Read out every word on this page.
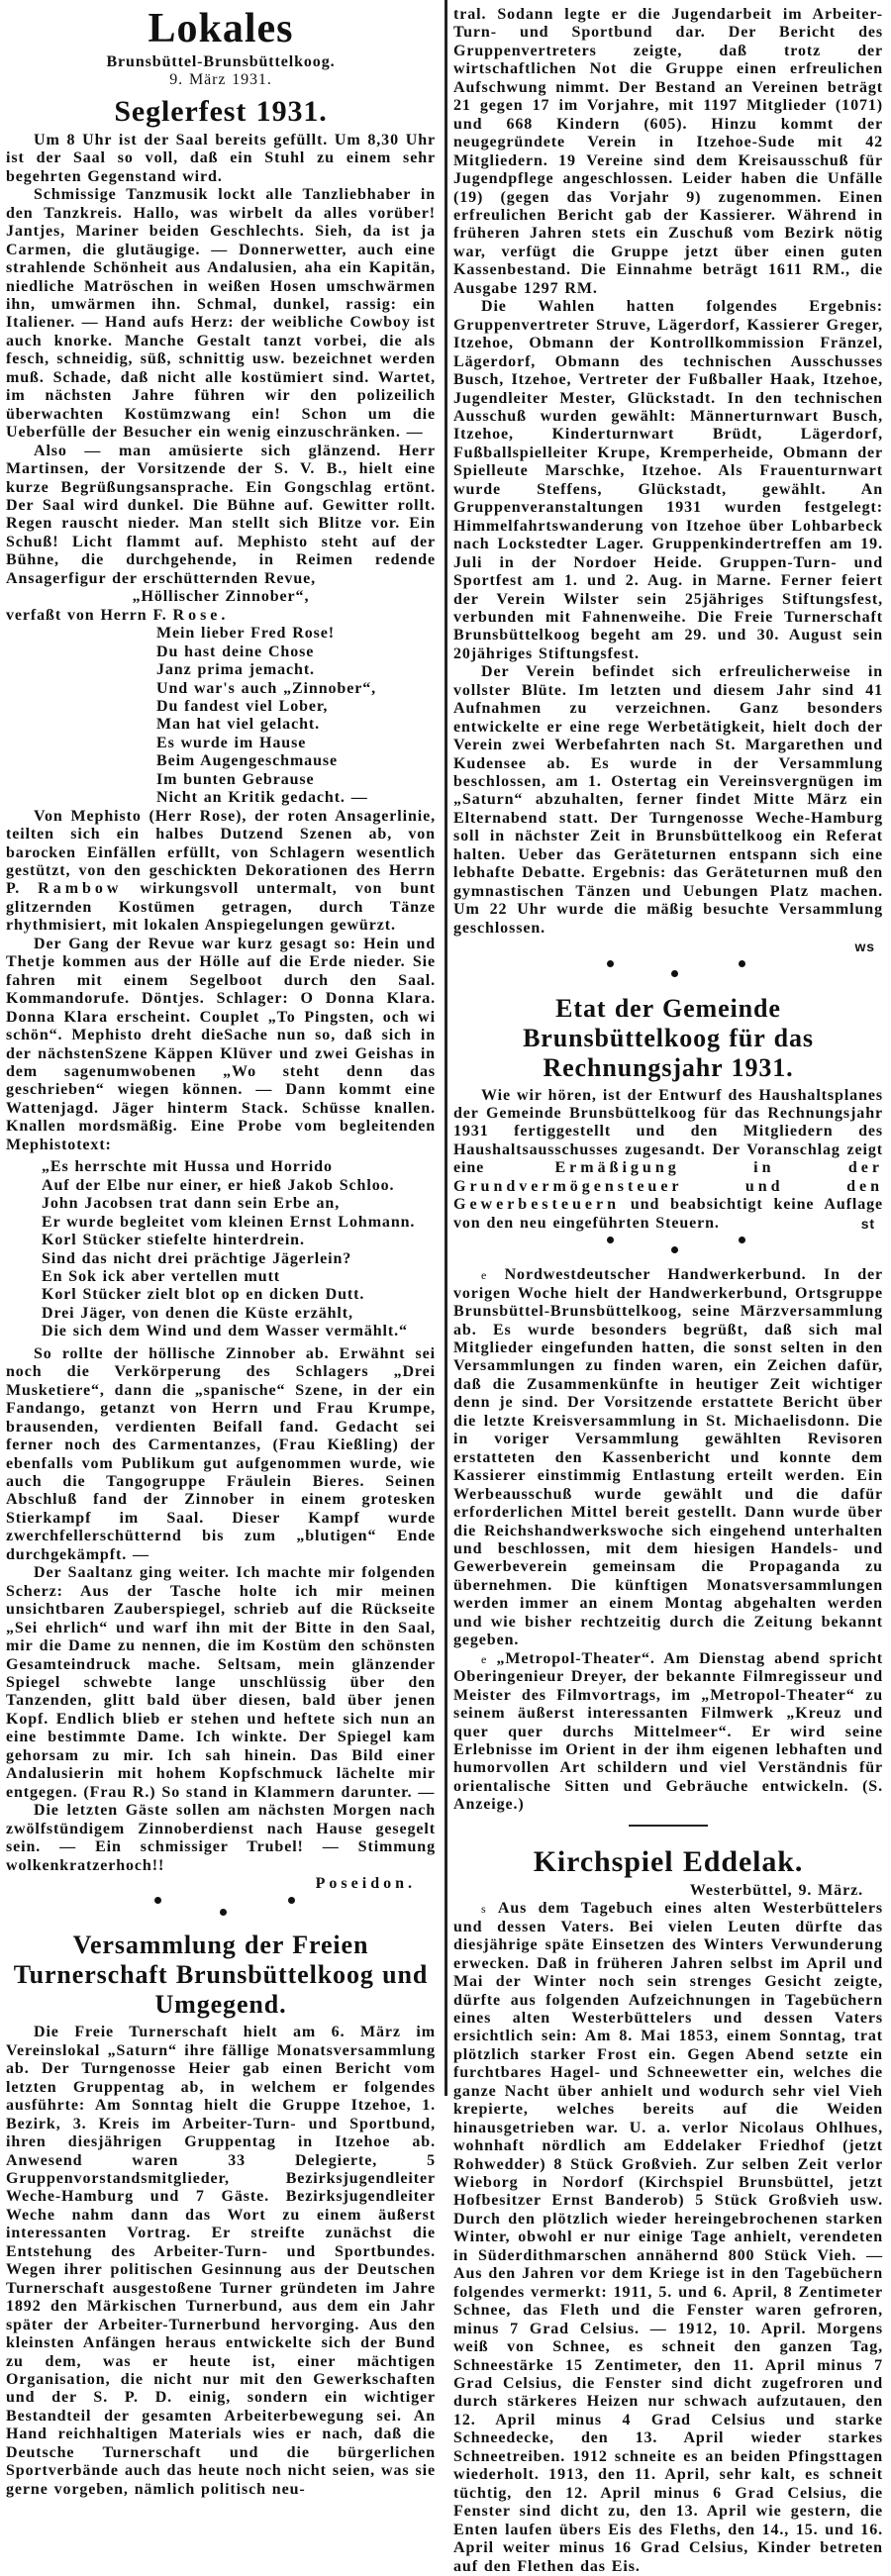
Lokales
Brunsbüttel-Brunsbüttelkoog.
9. März 1931.
Seglerfest 1931.

Um 8 Uhr ist der Saal bereits gefüllt. Um 8,30 Uhr ist der Saal so voll, daß ein Stuhl zu einem sehr begehrten Gegenstand wird.

Schmissige Tanzmusik lockt alle Tanzliebhaber in den Tanzkreis. Hallo, was wirbelt da alles vorüber! Jantjes, Mariner beiden Geschlechts. Sieh, da ist ja Carmen, die glutäugige. — Donnerwetter, auch eine strahlende Schönheit aus Andalusien, aha ein Kapitän, niedliche Matröschen in weißen Hosen umschwärmen ihn, umwärmen ihn. Schmal, dunkel, rassig: ein Italiener. — Hand aufs Herz: der weibliche Cowboy ist auch knorke. Manche Gestalt tanzt vorbei, die als fesch, schneidig, süß, schnittig usw. bezeichnet werden muß. Schade, daß nicht alle kostümiert sind. Wartet, im nächsten Jahre führen wir den polizeilich überwachten Kostümzwang ein! Schon um die Ueberfülle der Besucher ein wenig einzuschränken. —

Also — man amüsierte sich glänzend. Herr Martinsen, der Vorsitzende der S. V. B., hielt eine kurze Begrüßungsansprache. Ein Gongschlag ertönt. Der Saal wird dunkel. Die Bühne auf. Gewitter rollt. Regen rauscht nieder. Man stellt sich Blitze vor. Ein Schuß! Licht flammt auf. Mephisto steht auf der Bühne, die durchgehende, in Reimen redende Ansagerfigur der erschütternden Revue,

„Höllischer Zinnober“,

verfaßt von Herrn F. Rose.

Mein lieber Fred Rose!
Du hast deine Chose
Janz prima jemacht.
Und war's auch „Zinnober“,
Du fandest viel Lober,
Man hat viel gelacht.
Es wurde im Hause
Beim Augengeschmause
Im bunten Gebrause
Nicht an Kritik gedacht. —

Von Mephisto (Herr Rose), der roten Ansagerlinie, teilten sich ein halbes Dutzend Szenen ab, von barocken Einfällen erfüllt, von Schlagern wesentlich gestützt, von den geschickten Dekorationen des Herrn P. Rambow wirkungsvoll untermalt, von bunt glitzernden Kostümen getragen, durch Tänze rhythmisiert, mit lokalen Anspiegelungen gewürzt.

Der Gang der Revue war kurz gesagt so: Hein und Thetje kommen aus der Hölle auf die Erde nieder. Sie fahren mit einem Segelboot durch den Saal. Kommandorufe. Döntjes. Schlager: O Donna Klara. Donna Klara erscheint. Couplet „To Pingsten, och wi schön“. Mephisto dreht dieSache nun so, daß sich in der nächstenSzene Käppen Klüver und zwei Geishas in dem sagenumwobenen „Wo steht denn das geschrieben“ wiegen können. — Dann kommt eine Wattenjagd. Jäger hinterm Stack. Schüsse knallen. Knallen mordsmäßig. Eine Probe vom begleitenden Mephistotext:

„Es herrschte mit Hussa und Horrido
Auf der Elbe nur einer, er hieß Jakob Schloo.
John Jacobsen trat dann sein Erbe an,
Er wurde begleitet vom kleinen Ernst Lohmann.
Korl Stücker stiefelte hinterdrein.
Sind das nicht drei prächtige Jägerlein?
En Sok ick aber vertellen mutt
Korl Stücker zielt blot op en dicken Dutt.
Drei Jäger, von denen die Küste erzählt,
Die sich dem Wind und dem Wasser vermählt.“

So rollte der höllische Zinnober ab. Erwähnt sei noch die Verkörperung des Schlagers „Drei Musketiere“, dann die „spanische“ Szene, in der ein Fandango, getanzt von Herrn und Frau Krumpe, brausenden, verdienten Beifall fand. Gedacht sei ferner noch des Carmentanzes, (Frau Kießling) der ebenfalls vom Publikum gut aufgenommen wurde, wie auch die Tangogruppe Fräulein Bieres. Seinen Abschluß fand der Zinnober in einem grotesken Stierkampf im Saal. Dieser Kampf wurde zwerchfellerschütternd bis zum „blutigen“ Ende durchgekämpft. —

Der Saaltanz ging weiter. Ich machte mir folgenden Scherz: Aus der Tasche holte ich mir meinen unsichtbaren Zauberspiegel, schrieb auf die Rückseite „Sei ehrlich“ und warf ihn mit der Bitte in den Saal, mir die Dame zu nennen, die im Kostüm den schönsten Gesamteindruck mache. Seltsam, mein glänzender Spiegel schwebte lange unschlüssig über den Tanzenden, glitt bald über diesen, bald über jenen Kopf. Endlich blieb er stehen und heftete sich nun an eine bestimmte Dame. Ich winkte. Der Spiegel kam gehorsam zu mir. Ich sah hinein. Das Bild einer Andalusierin mit hohem Kopfschmuck lächelte mir entgegen. (Frau R.) So stand in Klammern darunter. —

Die letzten Gäste sollen am nächsten Morgen nach zwölfstündigem Zinnoberdienst nach Hause gesegelt sein. — Ein schmissiger Trubel! — Stimmung wolkenkratzerhoch!!

Poseidon.
Versammlung der Freien Turnerschaft Brunsbüttelkoog und Umgegend.

Die Freie Turnerschaft hielt am 6. März im Vereinslokal „Saturn“ ihre fällige Monatsversammlung ab. Der Turngenosse Heier gab einen Bericht vom letzten Gruppentag ab, in welchem er folgendes ausführte: Am Sonntag hielt die Gruppe Itzehoe, 1. Bezirk, 3. Kreis im Arbeiter-Turn- und Sportbund, ihren diesjährigen Gruppentag in Itzehoe ab. Anwesend waren 33 Delegierte, 5 Gruppenvorstandsmitglieder, Bezirksjugendleiter Weche-Hamburg und 7 Gäste. Bezirksjugendleiter Weche nahm dann das Wort zu einem äußerst interessanten Vortrag. Er streifte zunächst die Entstehung des Arbeiter-Turn- und Sportbundes. Wegen ihrer politischen Gesinnung aus der Deutschen Turnerschaft ausgestoßene Turner gründeten im Jahre 1892 den Märkischen Turnerbund, aus dem ein Jahr später der Arbeiter-Turnerbund hervorging. Aus den kleinsten Anfängen heraus entwickelte sich der Bund zu dem, was er heute ist, einer mächtigen Organisation, die nicht nur mit den Gewerkschaften und der S. P. D. einig, sondern ein wichtiger Bestandteil der gesamten Arbeiterbewegung sei. An Hand reichhaltigen Materials wies er nach, daß die Deutsche Turnerschaft und die bürgerlichen Sportverbände auch das heute noch nicht seien, was sie gerne vorgeben, nämlich politisch neu-

tral. Sodann legte er die Jugendarbeit im Arbeiter-Turn- und Sportbund dar. Der Bericht des Gruppenvertreters zeigte, daß trotz der wirtschaftlichen Not die Gruppe einen erfreulichen Aufschwung nimmt. Der Bestand an Vereinen beträgt 21 gegen 17 im Vorjahre, mit 1197 Mitglieder (1071) und 668 Kindern (605). Hinzu kommt der neugegründete Verein in Itzehoe-Sude mit 42 Mitgliedern. 19 Vereine sind dem Kreisausschuß für Jugendpflege angeschlossen. Leider haben die Unfälle (19) (gegen das Vorjahr 9) zugenommen. Einen erfreulichen Bericht gab der Kassierer. Während in früheren Jahren stets ein Zuschuß vom Bezirk nötig war, verfügt die Gruppe jetzt über einen guten Kassenbestand. Die Einnahme beträgt 1611 RM., die Ausgabe 1297 RM.

Die Wahlen hatten folgendes Ergebnis: Gruppenvertreter Struve, Lägerdorf, Kassierer Greger, Itzehoe, Obmann der Kontrollkommission Fränzel, Lägerdorf, Obmann des technischen Ausschusses Busch, Itzehoe, Vertreter der Fußballer Haak, Itzehoe, Jugendleiter Mester, Glückstadt. In den technischen Ausschuß wurden gewählt: Männerturnwart Busch, Itzehoe, Kinderturnwart Brüdt, Lägerdorf, Fußballspielleiter Krupe, Kremperheide, Obmann der Spielleute Marschke, Itzehoe. Als Frauenturnwart wurde Steffens, Glückstadt, gewählt. An Gruppenveranstaltungen 1931 wurden festgelegt: Himmelfahrtswanderung von Itzehoe über Lohbarbeck nach Lockstedter Lager. Gruppenkindertreffen am 19. Juli in der Nordoer Heide. Gruppen-Turn- und Sportfest am 1. und 2. Aug. in Marne. Ferner feiert der Verein Wilster sein 25jähriges Stiftungsfest, verbunden mit Fahnenweihe. Die Freie Turnerschaft Brunsbüttelkoog begeht am 29. und 30. August sein 20jähriges Stiftungsfest.

Der Verein befindet sich erfreulicherweise in vollster Blüte. Im letzten und diesem Jahr sind 41 Aufnahmen zu verzeichnen. Ganz besonders entwickelte er eine rege Werbetätigkeit, hielt doch der Verein zwei Werbefahrten nach St. Margarethen und Kudensee ab. Es wurde in der Versammlung beschlossen, am 1. Ostertag ein Vereinsvergnügen im „Saturn“ abzuhalten, ferner findet Mitte März ein Elternabend statt. Der Turngenosse Weche-Hamburg soll in nächster Zeit in Brunsbüttelkoog ein Referat halten. Ueber das Geräteturnen entspann sich eine lebhafte Debatte. Ergebnis: das Geräteturnen muß den gymnastischen Tänzen und Uebungen Platz machen. Um 22 Uhr wurde die mäßig besuchte Versammlung geschlossen.

ws
Etat der Gemeinde Brunsbüttelkoog für das Rechnungsjahr 1931.

Wie wir hören, ist der Entwurf des Haushaltsplanes der Gemeinde Brunsbüttelkoog für das Rechnungsjahr 1931 fertiggestellt und den Mitgliedern des Haushaltsausschusses zugesandt. Der Voranschlag zeigt eine	Ermäßigung in der Grundvermögensteuer und den Gewerbesteuern und beabsichtigt keine Auflage von den neu eingeführten Steuern.	st

e Nordwestdeutscher Handwerkerbund. In der vorigen Woche hielt der Handwerkerbund, Ortsgruppe Brunsbüttel-Brunsbüttelkoog, seine Märzversammlung ab. Es wurde besonders begrüßt, daß sich mal Mitglieder eingefunden hatten, die sonst selten in den Versammlungen zu finden waren, ein Zeichen dafür, daß die Zusammenkünfte in heutiger Zeit wichtiger denn je sind. Der Vorsitzende erstattete Bericht über die letzte Kreisversammlung in St. Michaelisdonn. Die in voriger Versammlung gewählten Revisoren erstatteten den Kassenbericht und konnte dem Kassierer einstimmig Entlastung erteilt werden. Ein Werbeausschuß wurde gewählt und die dafür erforderlichen Mittel bereit gestellt. Dann wurde über die Reichshandwerkswoche sich eingehend unterhalten und beschlossen, mit dem hiesigen Handels- und Gewerbeverein gemeinsam die Propaganda zu übernehmen. Die künftigen Monatsversammlungen werden immer an einem Montag abgehalten werden und wie bisher rechtzeitig durch die Zeitung bekannt gegeben.

e „Metropol-Theater“. Am Dienstag abend spricht Oberingenieur Dreyer, der bekannte Filmregisseur und Meister des Filmvortrags, im „Metropol-Theater“ zu seinem äußerst interessanten Filmwerk „Kreuz und quer quer durchs Mittelmeer“. Er wird seine Erlebnisse im Orient in der ihm eigenen lebhaften und humorvollen Art schildern und viel Verständnis für orientalische Sitten und Gebräuche entwickeln. (S. Anzeige.)

Kirchspiel Eddelak.
Westerbüttel, 9. März.

s Aus dem Tagebuch eines alten Westerbüttelers und dessen Vaters. Bei vielen Leuten dürfte das diesjährige späte Einsetzen des Winters Verwunderung erwecken. Daß in früheren Jahren selbst im April und Mai der Winter noch sein strenges Gesicht zeigte, dürfte aus folgenden Aufzeichnungen in Tagebüchern eines alten Westerbüttelers und dessen Vaters ersichtlich sein: Am 8. Mai 1853, einem Sonntag, trat plötzlich starker Frost ein. Gegen Abend setzte ein furchtbares Hagel- und Schneewetter ein, welches die ganze Nacht über anhielt und wodurch sehr viel Vieh krepierte, welches bereits auf die Weiden hinausgetrieben war. U. a. verlor Nicolaus Ohlhues, wohnhaft nördlich am Eddelaker Friedhof (jetzt Rohwedder) 8 Stück Großvieh. Zur selben Zeit verlor Wieborg in Nordorf (Kirchspiel Brunsbüttel, jetzt Hofbesitzer Ernst Banderob) 5 Stück Großvieh usw. Durch den plötzlich wieder hereingebrochenen starken Winter, obwohl er nur einige Tage anhielt, verendeten in Süderdithmarschen annähernd 800 Stück Vieh. — Aus den Jahren vor dem Kriege ist in den Tagebüchern folgendes vermerkt: 1911, 5. und 6. April, 8 Zentimeter Schnee, das Fleth und die Fenster waren gefroren, minus 7 Grad Celsius. — 1912, 10. April. Morgens weiß von Schnee, es schneit den ganzen Tag, Schneestärke 15 Zentimeter, den 11. April minus 7 Grad Celsius, die Fenster sind dicht zugefroren und durch stärkeres Heizen nur schwach aufzutauen, den 12. April minus 4 Grad Celsius und starke Schneedecke, den 13. April wieder starkes Schneetreiben. 1912 schneite es an beiden Pfingsttagen wiederholt. 1913, den 11. April, sehr kalt, es schneit tüchtig, den 12. April minus 6 Grad Celsius, die Fenster sind dicht zu, den 13. April wie gestern, die Enten laufen übers Eis des Fleths, den 14., 15. und 16. April weiter minus 16 Grad Celsius, Kinder betreten auf den Flethen das Eis.
